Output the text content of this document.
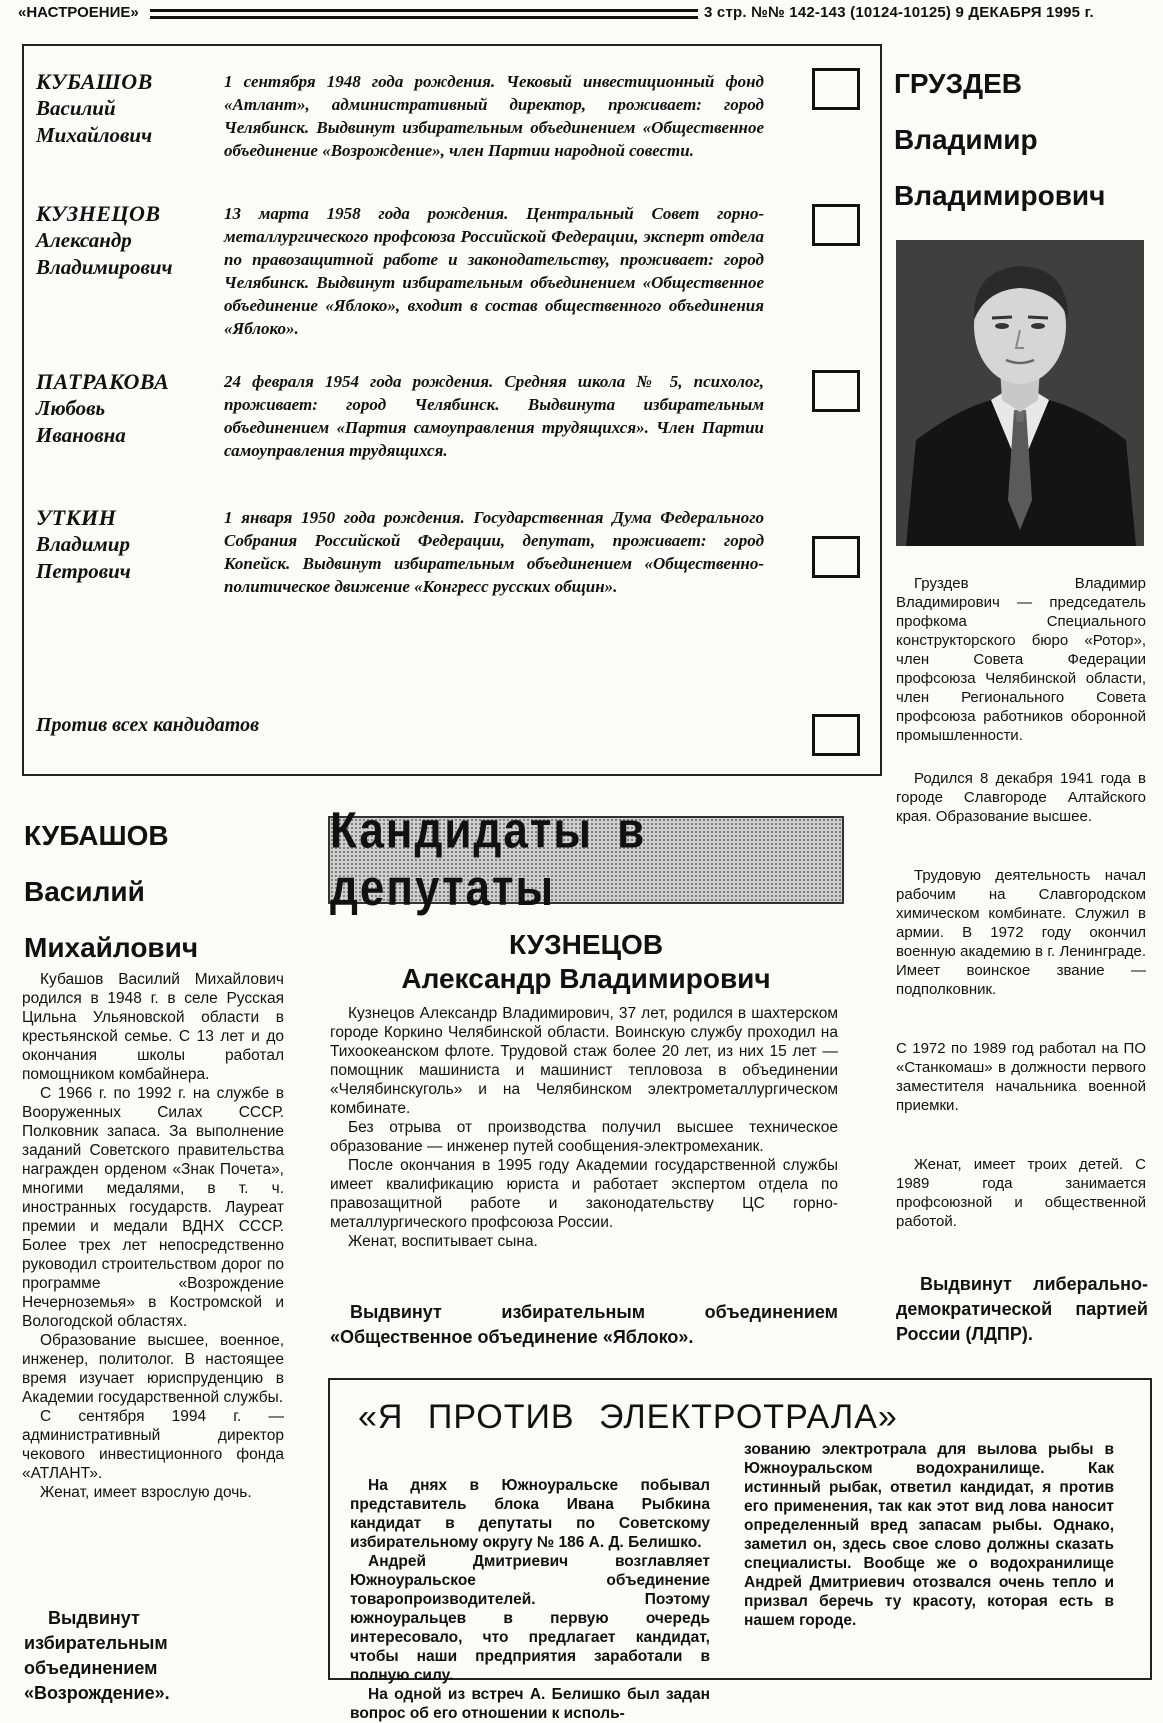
«НАСТРОЕНИЕ»	3 стр. №№ 142-143 (10124-10125) 9 ДЕКАБРЯ 1995 г.
КУБАШОВ
Василий
Михайлович
1 сентября 1948 года рождения. Чековый инвестиционный фонд «Атлант», административный директор, проживает: город Челябинск. Выдвинут избирательным объединением «Общественное объединение «Возрождение», член Партии народной совести.
КУЗНЕЦОВ
Александр
Владимирович
13 марта 1958 года рождения. Центральный Совет горно-металлургического профсоюза Российской Федерации, эксперт отдела по правозащитной работе и законодательству, проживает: город Челябинск. Выдвинут избирательным объединением «Общественное объединение «Яблоко», входит в состав общественного объединения «Яблоко».
ПАТРАКОВА
Любовь
Ивановна
24 февраля 1954 года рождения. Средняя школа № 5, психолог, проживает: город Челябинск. Выдвинута избирательным объединением «Партия самоуправления трудящихся». Член Партии самоуправления трудящихся.
УТКИН
Владимир
Петрович
1 января 1950 года рождения. Государственная Дума Федерального Собрания Российской Федерации, депутат, проживает: город Копейск. Выдвинут избирательным объединением «Общественно-политическое движение «Конгресс русских общин».
Против всех кандидатов
ГРУЗДЕВ
Владимир
Владимирович

Груздев Владимир Владимирович — председатель профкома Специального конструкторского бюро «Ротор», член Совета Федерации профсоюза Челябинской области, член Регионального Совета профсоюза работников оборонной промышленности.

Родился 8 декабря 1941 года в городе Славгороде Алтайского края. Образование высшее.

Трудовую деятельность начал рабочим на Славгородском химическом комбинате. Служил в армии. В 1972 году окончил военную академию в г. Ленинграде. Имеет воинское звание — подполковник.

С 1972 по 1989 год работал на ПО «Станкомаш» в должности первого заместителя начальника военной приемки.

Женат, имеет троих детей. С 1989 года занимается профсоюзной и общественной работой.

Выдвинут либерально-демократической партией России (ЛДПР).
КУБАШОВ
Василий
Михайлович

Кубашов Василий Михайлович родился в 1948 г. в селе Русская Цильна Ульяновской области в крестьянской семье. С 13 лет и до окончания школы работал помощником комбайнера.

С 1966 г. по 1992 г. на службе в Вооруженных Силах СССР. Полковник запаса. За выполнение заданий Советского правительства награжден орденом «Знак Почета», многими медалями, в т. ч. иностранных государств. Лауреат премии и медали ВДНХ СССР. Более трех лет непосредственно руководил строительством дорог по программе «Возрождение Нечерноземья» в Костромской и Вологодской областях.

Образование высшее, военное, инженер, политолог. В настоящее время изучает юриспруденцию в Академии государственной службы.

С сентября 1994 г. — административный директор чекового инвестиционного фонда «АТЛАНТ».

Женат, имеет взрослую дочь.

Выдвинут избирательным объединением «Возрождение».
Кандидаты в депутаты
КУЗНЕЦОВ
Александр Владимирович

Кузнецов Александр Владимирович, 37 лет, родился в шахтерском городе Коркино Челябинской области. Воинскую службу проходил на Тихоокеанском флоте. Трудовой стаж более 20 лет, из них 15 лет — помощник машиниста и машинист тепловоза в объединении «Челябинскуголь» и на Челябинском электрометаллургическом комбинате.

Без отрыва от производства получил высшее техническое образование — инженер путей сообщения-электромеханик.

После окончания в 1995 году Академии государственной службы имеет квалификацию юриста и работает экспертом отдела по правозащитной работе и законодательству ЦС горно-металлургического профсоюза России.

Женат, воспитывает сына.

Выдвинут избирательным объединением «Общественное объединение «Яблоко».
«Я ПРОТИВ ЭЛЕКТРОТРАЛА»

На днях в Южноуральске побывал представитель блока Ивана Рыбкина кандидат в депутаты по Советскому избирательному округу № 186 А. Д. Белишко.

Андрей Дмитриевич возглавляет Южноуральское объединение товаропроизводителей. Поэтому южноуральцев в первую очередь интересовало, что предлагает кандидат, чтобы наши предприятия заработали в полную силу.

На одной из встреч А. Белишко был задан вопрос об его отношении к исполь-

зованию электротрала для вылова рыбы в Южноуральском водохранилище. Как истинный рыбак, ответил кандидат, я против его применения, так как этот вид лова наносит определенный вред запасам рыбы. Однако, заметил он, здесь свое слово должны сказать специалисты. Вообще же о водохранилище Андрей Дмитриевич отозвался очень тепло и призвал беречь ту красоту, которая есть в нашем городе.
